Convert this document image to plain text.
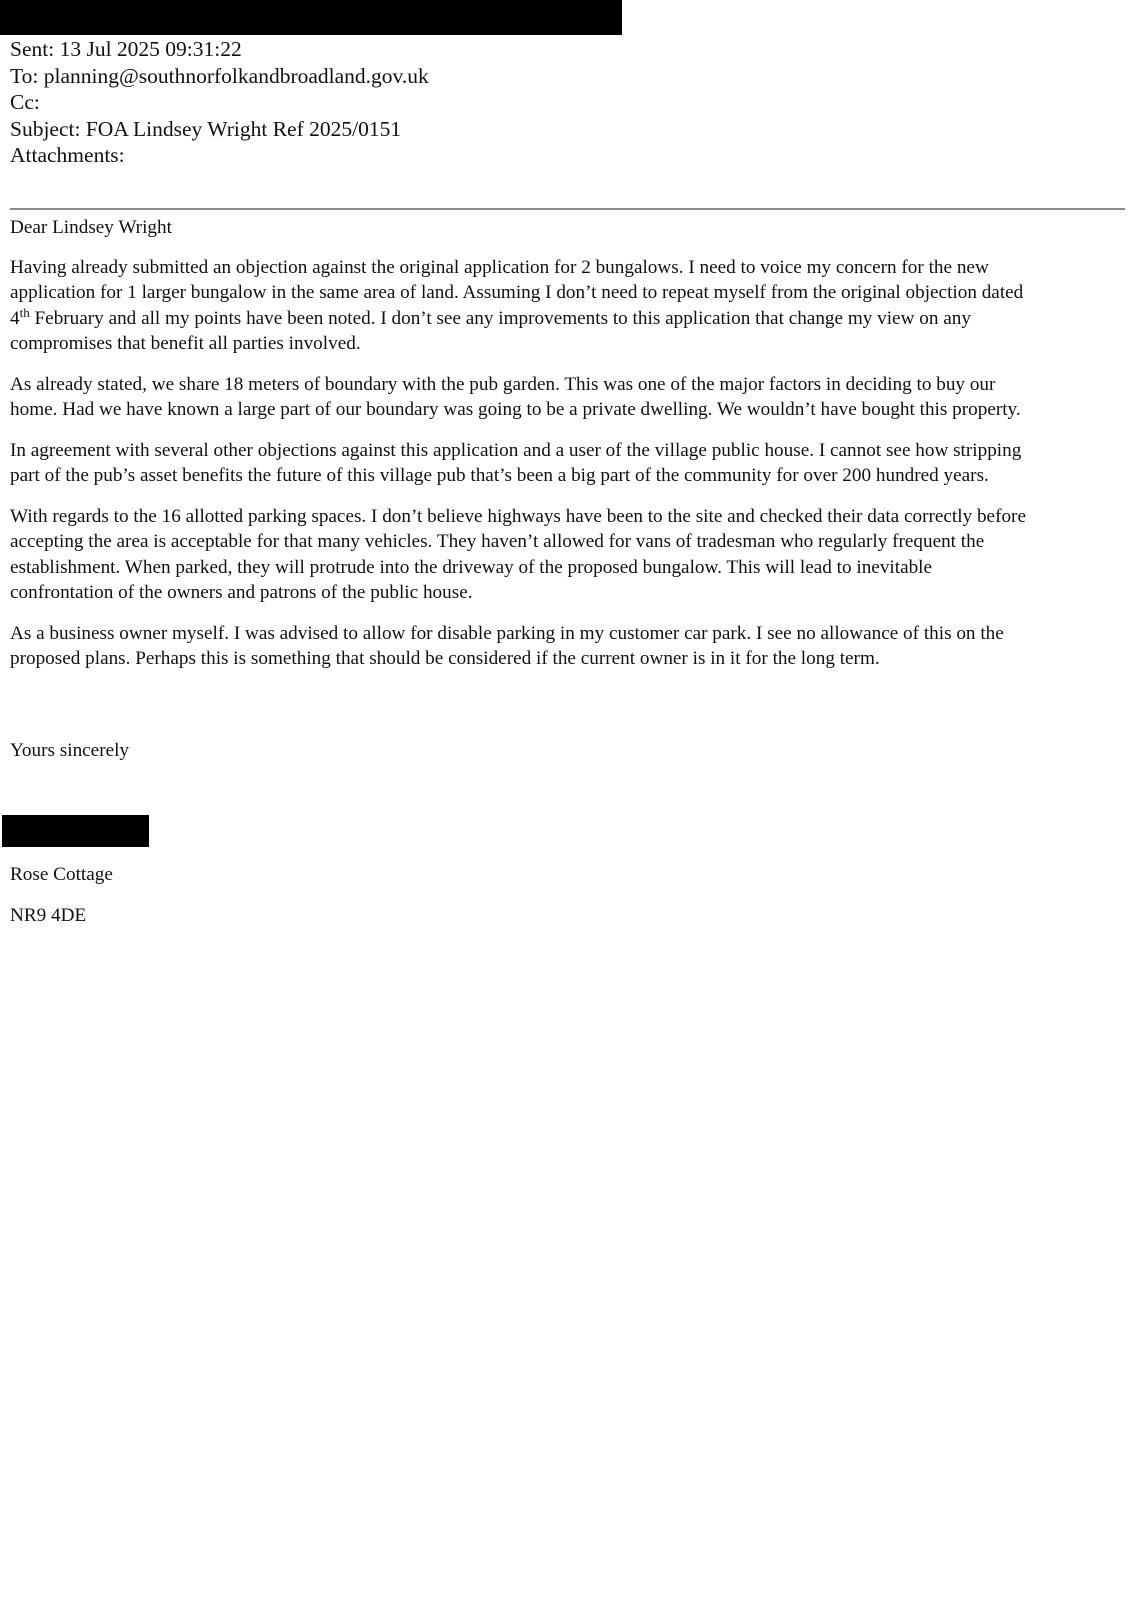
Sent: 13 Jul 2025 09:31:22
To: planning@southnorfolkandbroadland.gov.uk
Cc:
Subject: FOA Lindsey Wright Ref 2025/0151
Attachments:
Dear Lindsey Wright
Having already submitted an objection against the original application for 2 bungalows. I need to voice my concern for the new
application for 1 larger bungalow in the same area of land. Assuming I don’t need to repeat myself from the original objection dated
4th February and all my points have been noted. I don’t see any improvements to this application that change my view on any
compromises that benefit all parties involved.
As already stated, we share 18 meters of boundary with the pub garden. This was one of the major factors in deciding to buy our
home. Had we have known a large part of our boundary was going to be a private dwelling. We wouldn’t have bought this property.
In agreement with several other objections against this application and a user of the village public house. I cannot see how stripping
part of the pub’s asset benefits the future of this village pub that’s been a big part of the community for over 200 hundred years.
With regards to the 16 allotted parking spaces. I don’t believe highways have been to the site and checked their data correctly before
accepting the area is acceptable for that many vehicles. They haven’t allowed for vans of tradesman who regularly frequent the
establishment. When parked, they will protrude into the driveway of the proposed bungalow. This will lead to inevitable
confrontation of the owners and patrons of the public house.
As a business owner myself. I was advised to allow for disable parking in my customer car park. I see no allowance of this on the
proposed plans. Perhaps this is something that should be considered if the current owner is in it for the long term.
Yours sincerely
Rose Cottage
NR9 4DE
